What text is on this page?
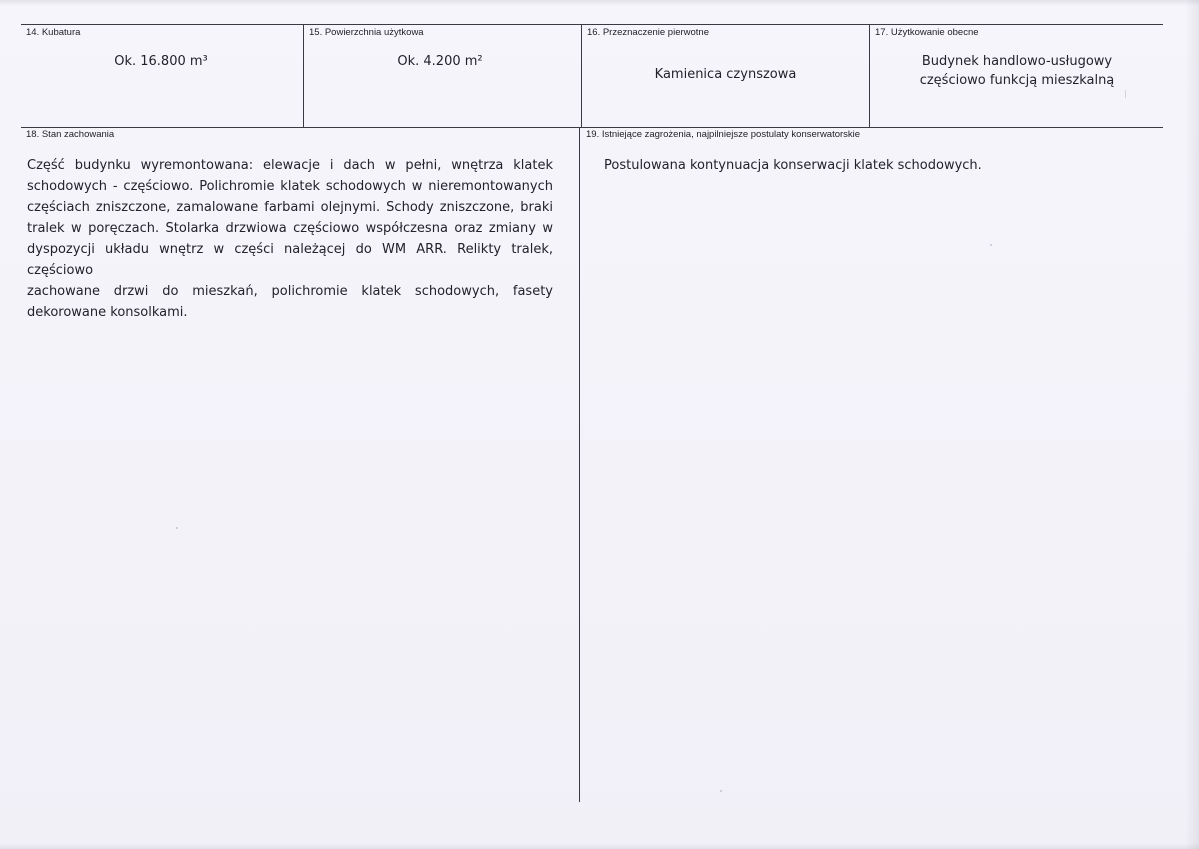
14. Kubatura
Ok. 16.800 m³
15. Powierzchnia użytkowa
Ok. 4.200 m²
16. Przeznaczenie pierwotne
Kamienica czynszowa
17. Użytkowanie obecne
Budynek handlowo-usługowy
częściowo funkcją mieszkalną
18. Stan zachowania
Część budynku wyremontowana: elewacje i dach w pełni, wnętrza klatek
schodowych - częściowo. Polichromie klatek schodowych w nieremontowanych
częściach zniszczone, zamalowane farbami olejnymi. Schody zniszczone, braki
tralek w poręczach. Stolarka drzwiowa częściowo współczesna oraz zmiany w
dyspozycji układu wnętrz w części należącej do WM ARR. Relikty tralek, częściowo
zachowane drzwi do mieszkań, polichromie klatek schodowych, fasety
dekorowane konsolkami.
19. Istniejące zagrożenia, najpilniejsze postulaty konserwatorskie
Postulowana kontynuacja konserwacji klatek schodowych.
